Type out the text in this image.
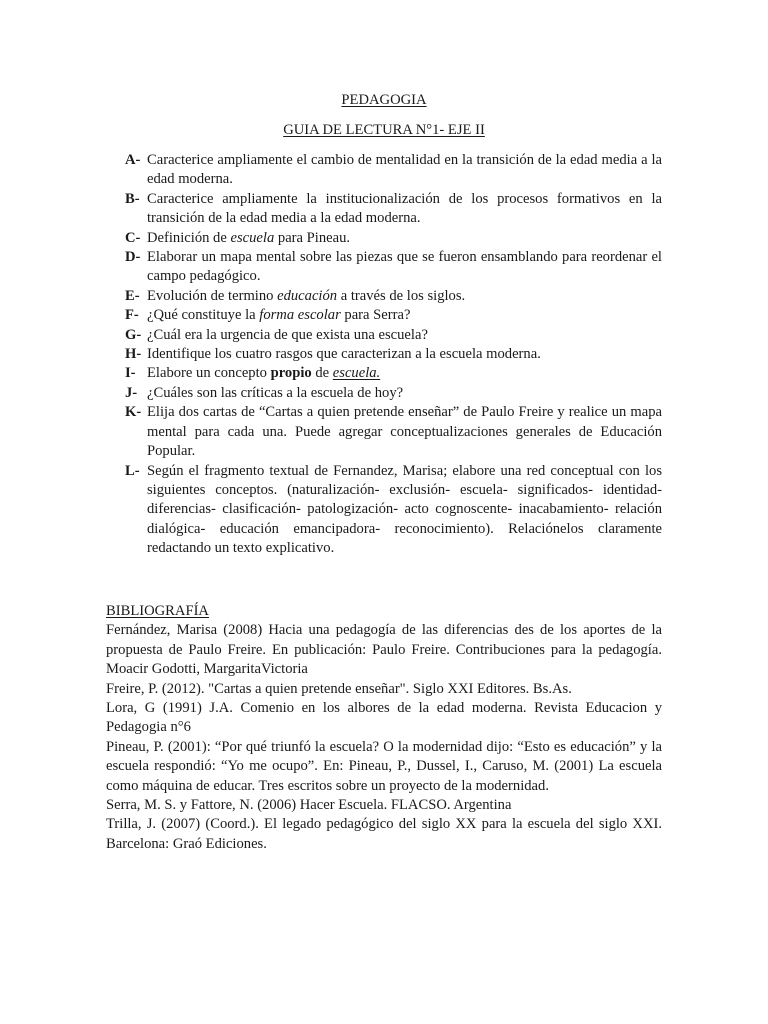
PEDAGOGIA
GUIA DE LECTURA N°1- EJE II
A- Caracterice ampliamente el cambio de mentalidad en la transición de la edad media a la edad moderna.
B- Caracterice ampliamente la institucionalización de los procesos formativos en la transición de la edad media a la edad moderna.
C- Definición de escuela para Pineau.
D- Elaborar un mapa mental sobre las piezas que se fueron ensamblando para reordenar el campo pedagógico.
E- Evolución de termino educación a través de los siglos.
F- ¿Qué constituye la forma escolar para Serra?
G- ¿Cuál era la urgencia de que exista una escuela?
H- Identifique los cuatro rasgos que caracterizan a la escuela moderna.
I- Elabore un concepto propio de escuela.
J- ¿Cuáles son las críticas a la escuela de hoy?
K- Elija dos cartas de “Cartas a quien pretende enseñar” de Paulo Freire y realice un mapa mental para cada una. Puede agregar conceptualizaciones generales de Educación Popular.
L- Según el fragmento textual de Fernandez, Marisa; elabore una red conceptual con los siguientes conceptos. (naturalización- exclusión- escuela- significados- identidad- diferencias- clasificación- patologización- acto cognoscente- inacabamiento- relación dialógica- educación emancipadora- reconocimiento). Relaciónelos claramente redactando un texto explicativo.
BIBLIOGRAFÍA
Fernández, Marisa (2008) Hacia una pedagogía de las diferencias des de los aportes de la propuesta de Paulo Freire. En publicación: Paulo Freire. Contribuciones para la pedagogía. Moacir Godotti, MargaritaVictoria
Freire, P. (2012). "Cartas a quien pretende enseñar". Siglo XXI Editores. Bs.As.
Lora, G (1991) J.A. Comenio en los albores de la edad moderna. Revista Educacion y Pedagogia n°6
Pineau, P. (2001): “Por qué triunfó la escuela? O la modernidad dijo: “Esto es educación” y la escuela respondió: “Yo me ocupo”. En: Pineau, P., Dussel, I., Caruso, M. (2001) La escuela como máquina de educar. Tres escritos sobre un proyecto de la modernidad.
Serra, M. S. y Fattore, N. (2006) Hacer Escuela. FLACSO. Argentina
Trilla, J. (2007) (Coord.). El legado pedagógico del siglo XX para la escuela del siglo XXI. Barcelona: Graó Ediciones.
